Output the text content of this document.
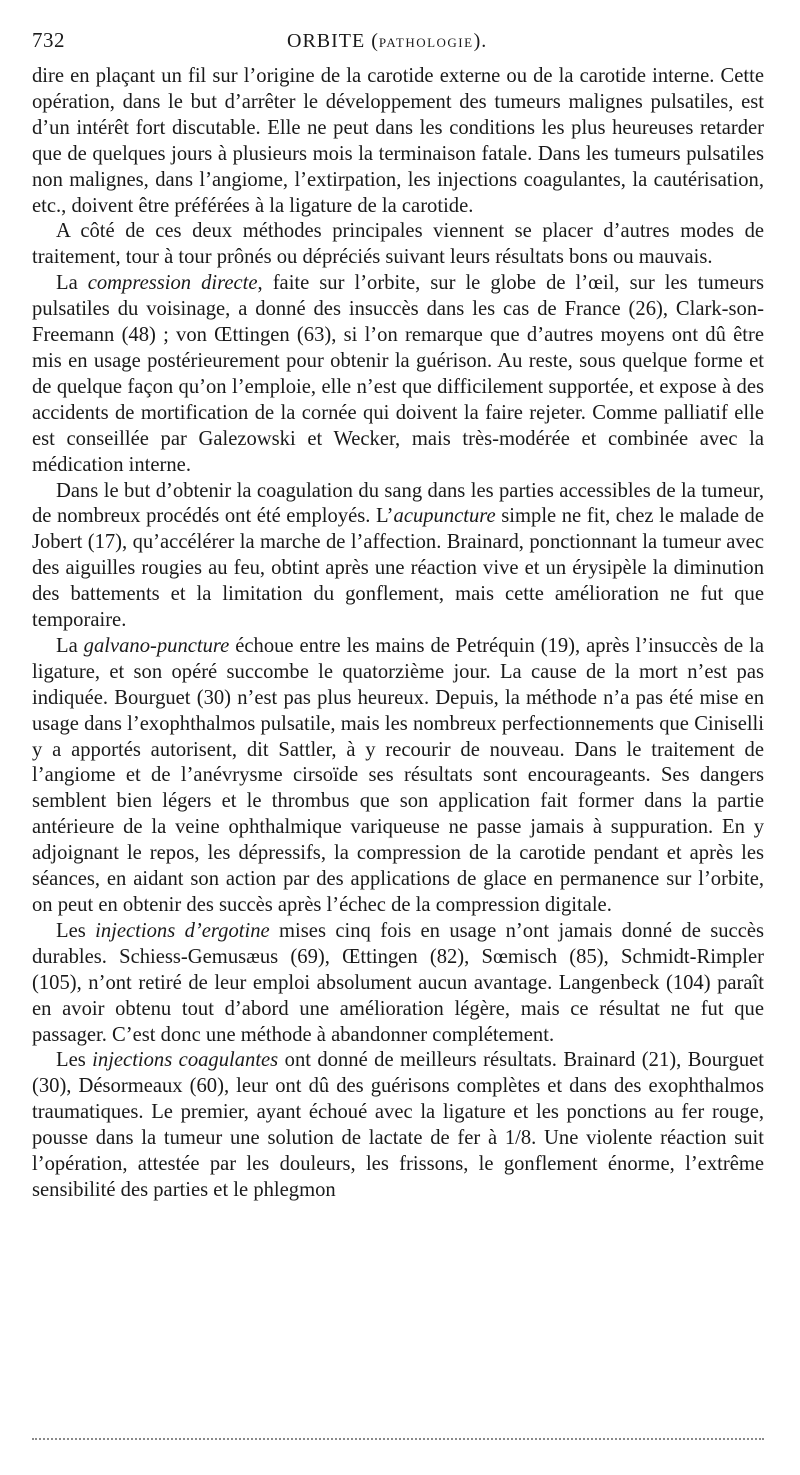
732	ORBITE (PATHOLOGIE).

dire en plaçant un fil sur l’origine de la carotide externe ou de la carotide interne. Cette opération, dans le but d’arrêter le développement des tumeurs malignes pulsatiles, est d’un intérêt fort discutable. Elle ne peut dans les conditions les plus heureuses retarder que de quelques jours à plusieurs mois la terminaison fatale. Dans les tumeurs pulsatiles non malignes, dans l’angiome, l’extirpation, les injections coagulantes, la cautérisation, etc., doivent être préférées à la ligature de la carotide.

A côté de ces deux méthodes principales viennent se placer d’autres modes de traitement, tour à tour prônés ou dépréciés suivant leurs résultats bons ou mauvais.

La compression directe, faite sur l’orbite, sur le globe de l’œil, sur les tumeurs pulsatiles du voisinage, a donné des insuccès dans les cas de France (26), Clark-son-Freemann (48) ; von Œttingen (63), si l’on remarque que d’autres moyens ont dû être mis en usage postérieurement pour obtenir la guérison. Au reste, sous quelque forme et de quelque façon qu’on l’emploie, elle n’est que difficilement supportée, et expose à des accidents de mortification de la cornée qui doivent la faire rejeter. Comme palliatif elle est conseillée par Galezowski et Wecker, mais très-modérée et combinée avec la médication interne.

Dans le but d’obtenir la coagulation du sang dans les parties accessibles de la tumeur, de nombreux procédés ont été employés. L’acupuncture simple ne fit, chez le malade de Jobert (17), qu’accélérer la marche de l’affection. Brainard, ponctionnant la tumeur avec des aiguilles rougies au feu, obtint après une réaction vive et un érysipèle la diminution des battements et la limitation du gonflement, mais cette amélioration ne fut que temporaire.

La galvano-puncture échoue entre les mains de Petréquin (19), après l’insuccès de la ligature, et son opéré succombe le quatorzième jour. La cause de la mort n’est pas indiquée. Bourguet (30) n’est pas plus heureux. Depuis, la méthode n’a pas été mise en usage dans l’exophthalmos pulsatile, mais les nombreux perfectionnements que Ciniselli y a apportés autorisent, dit Sattler, à y recourir de nouveau. Dans le traitement de l’angiome et de l’anévrysme cirsoïde ses résultats sont encourageants. Ses dangers semblent bien légers et le thrombus que son application fait former dans la partie antérieure de la veine ophthalmique variqueuse ne passe jamais à suppuration. En y adjoignant le repos, les dépressifs, la compression de la carotide pendant et après les séances, en aidant son action par des applications de glace en permanence sur l’orbite, on peut en obtenir des succès après l’échec de la compression digitale.

Les injections d’ergotine mises cinq fois en usage n’ont jamais donné de succès durables. Schiess-Gemusæus (69), Œttingen (82), Sœmisch (85), Schmidt-Rimpler (105), n’ont retiré de leur emploi absolument aucun avantage. Langenbeck (104) paraît en avoir obtenu tout d’abord une amélioration légère, mais ce résultat ne fut que passager. C’est donc une méthode à abandonner complétement.

Les injections coagulantes ont donné de meilleurs résultats. Brainard (21), Bourguet (30), Désormeaux (60), leur ont dû des guérisons complètes et dans des exophthalmos traumatiques. Le premier, ayant échoué avec la ligature et les ponctions au fer rouge, pousse dans la tumeur une solution de lactate de fer à 1/8. Une violente réaction suit l’opération, attestée par les douleurs, les frissons, le gonflement énorme, l’extrême sensibilité des parties et le phlegmon
